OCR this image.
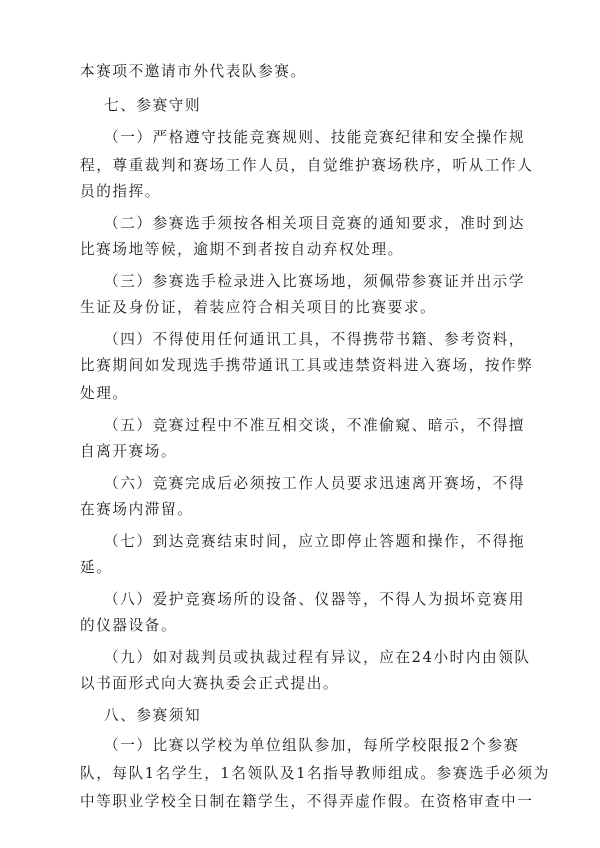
本赛项不邀请市外代表队参赛。
七、参赛守则
（一）严格遵守技能竞赛规则、技能竞赛纪律和安全操作规
程，尊重裁判和赛场工作人员，自觉维护赛场秩序，听从工作人
员的指挥。
（二）参赛选手须按各相关项目竞赛的通知要求，准时到达
比赛场地等候，逾期不到者按自动弃权处理。
（三）参赛选手检录进入比赛场地，须佩带参赛证并出示学
生证及身份证，着装应符合相关项目的比赛要求。
（四）不得使用任何通讯工具，不得携带书籍、参考资料，
比赛期间如发现选手携带通讯工具或违禁资料进入赛场，按作弊
处理。
（五）竞赛过程中不准互相交谈，不准偷窥、暗示，不得擅
自离开赛场。
（六）竞赛完成后必须按工作人员要求迅速离开赛场，不得
在赛场内滞留。
（七）到达竞赛结束时间，应立即停止答题和操作，不得拖
延。
（八）爱护竞赛场所的设备、仪器等，不得人为损坏竞赛用
的仪器设备。
（九）如对裁判员或执裁过程有异议，应在24小时内由领队
以书面形式向大赛执委会正式提出。
八、参赛须知
（一）比赛以学校为单位组队参加，每所学校限报2个参赛
队，每队1名学生，1名领队及1名指导教师组成。参赛选手必须为
中等职业学校全日制在籍学生，不得弄虚作假。在资格审查中一
